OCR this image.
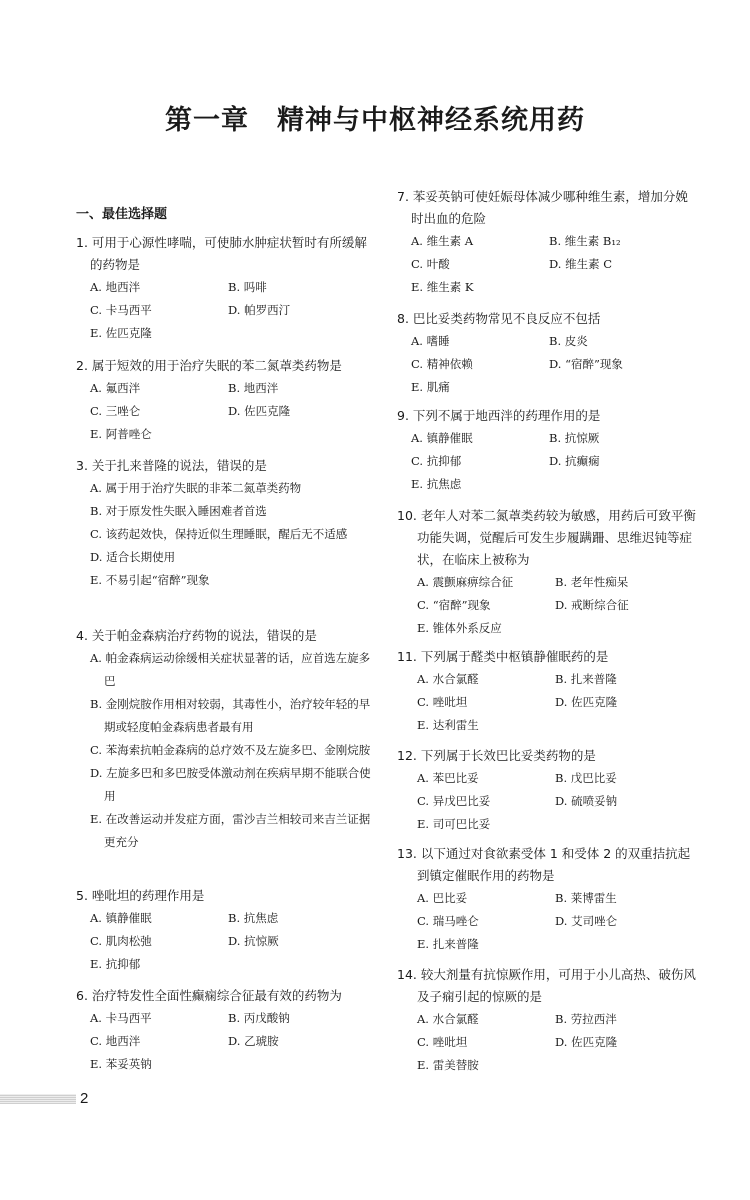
第一章　精神与中枢神经系统用药
一、最佳选择题
1. 可用于心源性哮喘，可使肺水肿症状暂时有所缓解的药物是
A. 地西泮	B. 吗啡
C. 卡马西平	D. 帕罗西汀
E. 佐匹克隆
2. 属于短效的用于治疗失眠的苯二氮䓬类药物是
A. 氟西泮	B. 地西泮
C. 三唑仑	D. 佐匹克隆
E. 阿普唑仑
3. 关于扎来普隆的说法，错误的是
A. 属于用于治疗失眠的非苯二氮䓬类药物
B. 对于原发性失眠入睡困难者首选
C. 该药起效快，保持近似生理睡眠，醒后无不适感
D. 适合长期使用
E. 不易引起“宿醉”现象
4. 关于帕金森病治疗药物的说法，错误的是
A. 帕金森病运动徐缓相关症状显著的话，应首选左旋多巴
B. 金刚烷胺作用相对较弱，其毒性小，治疗较年轻的早期或轻度帕金森病患者最有用
C. 苯海索抗帕金森病的总疗效不及左旋多巴、金刚烷胺
D. 左旋多巴和多巴胺受体激动剂在疾病早期不能联合使用
E. 在改善运动并发症方面，雷沙吉兰相较司来吉兰证据更充分
5. 唑吡坦的药理作用是
A. 镇静催眠	B. 抗焦虑
C. 肌肉松弛	D. 抗惊厥
E. 抗抑郁
6. 治疗特发性全面性癫痫综合征最有效的药物为
A. 卡马西平	B. 丙戊酸钠
C. 地西泮	D. 乙琥胺
E. 苯妥英钠
7. 苯妥英钠可使妊娠母体减少哪种维生素，增加分娩时出血的危险
A. 维生素 A	B. 维生素 B₁₂
C. 叶酸	D. 维生素 C
E. 维生素 K
8. 巴比妥类药物常见不良反应不包括
A. 嗜睡	B. 皮炎
C. 精神依赖	D. “宿醉”现象
E. 肌痛
9. 下列不属于地西泮的药理作用的是
A. 镇静催眠	B. 抗惊厥
C. 抗抑郁	D. 抗癫痫
E. 抗焦虑
10. 老年人对苯二氮䓬类药较为敏感，用药后可致平衡功能失调，觉醒后可发生步履蹒跚、思维迟钝等症状，在临床上被称为
A. 震颤麻痹综合征	B. 老年性痴呆
C. “宿醉”现象	D. 戒断综合征
E. 锥体外系反应
11. 下列属于醛类中枢镇静催眠药的是
A. 水合氯醛	B. 扎来普隆
C. 唑吡坦	D. 佐匹克隆
E. 达利雷生
12. 下列属于长效巴比妥类药物的是
A. 苯巴比妥	B. 戊巴比妥
C. 异戊巴比妥	D. 硫喷妥钠
E. 司可巴比妥
13. 以下通过对食欲素受体 1 和受体 2 的双重拮抗起到镇定催眠作用的药物是
A. 巴比妥	B. 莱博雷生
C. 瑞马唑仑	D. 艾司唑仑
E. 扎来普隆
14. 较大剂量有抗惊厥作用，可用于小儿高热、破伤风及子痫引起的惊厥的是
A. 水合氯醛	B. 劳拉西泮
C. 唑吡坦	D. 佐匹克隆
E. 雷美替胺
2
